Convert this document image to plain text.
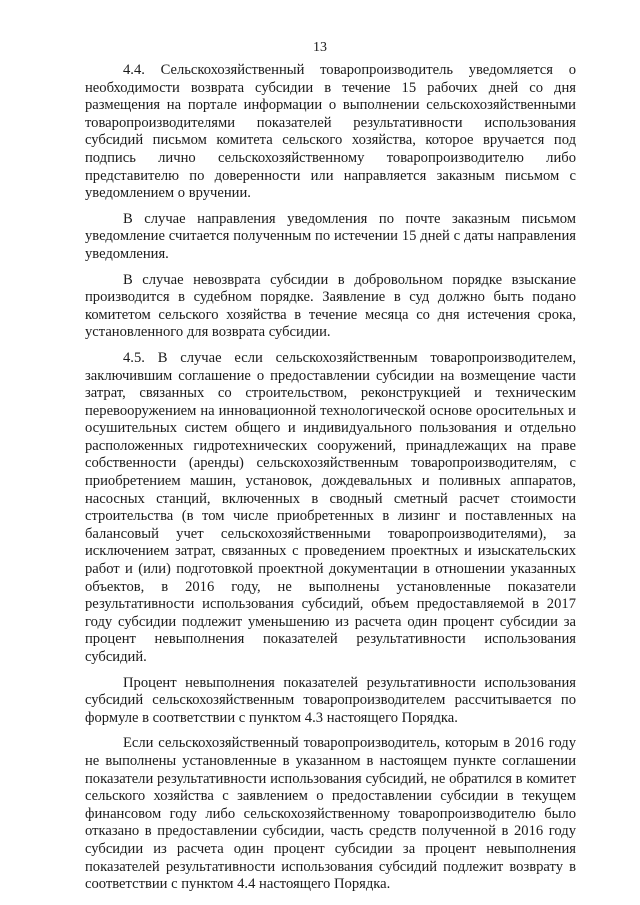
13

4.4. Сельскохозяйственный товаропроизводитель уведомляется о необходимости возврата субсидии в течение 15 рабочих дней со дня размещения на портале информации о выполнении сельскохозяйственными товаропроизводителями показателей результативности использования субсидий письмом комитета сельского хозяйства, которое вручается под подпись лично сельскохозяйственному товаропроизводителю либо представителю по доверенности или направляется заказным письмом с уведомлением о вручении.

В случае направления уведомления по почте заказным письмом уведомление считается полученным по истечении 15 дней с даты направления уведомления.

В случае невозврата субсидии в добровольном порядке взыскание производится в судебном порядке. Заявление в суд должно быть подано комитетом сельского хозяйства в течение месяца со дня истечения срока, установленного для возврата субсидии.

4.5. В случае если сельскохозяйственным товаропроизводителем, заключившим соглашение о предоставлении субсидии на возмещение части затрат, связанных со строительством, реконструкцией и техническим перевооружением на инновационной технологической основе оросительных и осушительных систем общего и индивидуального пользования и отдельно расположенных гидротехнических сооружений, принадлежащих на праве собственности (аренды) сельскохозяйственным товаропроизводителям, с приобретением машин, установок, дождевальных и поливных аппаратов, насосных станций, включенных в сводный сметный расчет стоимости строительства (в том числе приобретенных в лизинг и поставленных на балансовый учет сельскохозяйственными товаропроизводителями), за исключением затрат, связанных с проведением проектных и изыскательских работ и (или) подготовкой проектной документации в отношении указанных объектов, в 2016 году, не выполнены установленные показатели результативности использования субсидий, объем предоставляемой в 2017 году субсидии подлежит уменьшению из расчета один процент субсидии за процент невыполнения показателей результативности использования субсидий.

Процент невыполнения показателей результативности использования субсидий сельскохозяйственным товаропроизводителем рассчитывается по формуле в соответствии с пунктом 4.3 настоящего Порядка.

Если сельскохозяйственный товаропроизводитель, которым в 2016 году не выполнены установленные в указанном в настоящем пункте соглашении показатели результативности использования субсидий, не обратился в комитет сельского хозяйства с заявлением о предоставлении субсидии в текущем финансовом году либо сельскохозяйственному товаропроизводителю было отказано в предоставлении субсидии, часть средств полученной в 2016 году субсидии из расчета один процент субсидии за процент невыполнения показателей результативности использования субсидий подлежит возврату в соответствии с пунктом 4.4 настоящего Порядка.
